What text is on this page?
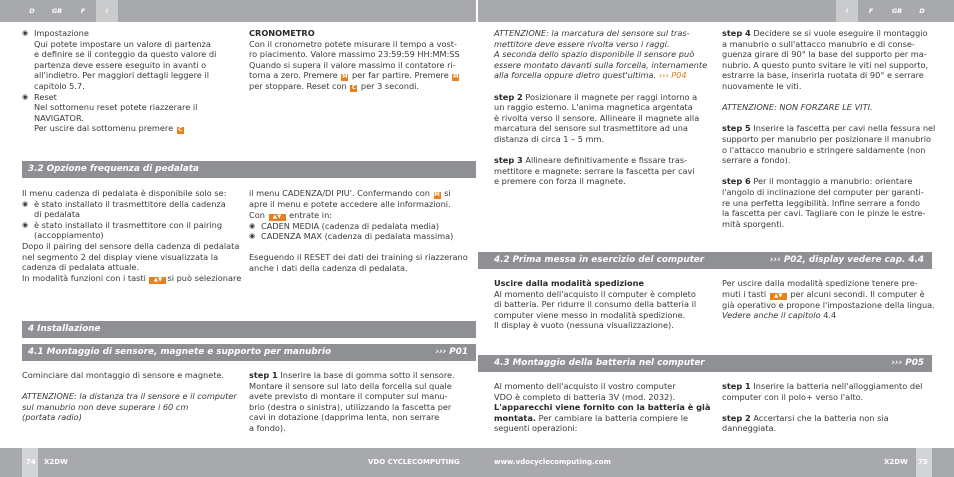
D	GB	F	I	I	F	GB	D
◉ Impostazione

Qui potete impostare un valore di partenza

e definire se il conteggio da questo valore di

partenza deve essere eseguito in avanti o

all'indietro. Per maggiori dettagli leggere il

capitolo 5.7.

◉ Reset

Nel sottomenu reset potete riazzerare il

NAVIGATOR.

Per uscire dal sottomenu premere C

CRONOMETRO

Con il cronometro potete misurare il tempo a vost-

ro piacimento. Valore massimo 23:59:59 HH:MM:SS

Quando si supera il valore massimo il contatore ri-

torna a zero. Premere M per far partire. Premere M

per stoppare. Reset con C per 3 secondi.

3.2 Opzione frequenza di pedalata

Il menu cadenza di pedalata è disponibile solo se:

◉ è stato installato il trasmettitore della cadenza

di pedalata

◉ è stato installato il trasmettitore con il pairing

(accoppiamento)

Dopo il pairing del sensore della cadenza di pedalata

nel segmento 2 del display viene visualizzata la

cadenza di pedalata attuale.

In modalità funzioni con i tasti ▲▼ si può selezionare

il menu CADENZA/DI PIU'. Confermando con M si

apre il menu e potete accedere alle informazioni.

Con ▲▼ entrate in:

◉ CADEN MEDIA (cadenza di pedalata media)
◉ CADENZA MAX (cadenza di pedalata massima)

Eseguendo il RESET dei dati dei training si riazzerano

anche i dati della cadenza di pedalata.

4 Installazione
4.1 Montaggio di sensore, magnete e supporto per manubrio	››› P01

Cominciare dal montaggio di sensore e magnete.

ATTENZIONE: la distanza tra il sensore e il computer

sul manubrio non deve superare i 60 cm

(portata radio)

step 1 Inserire la base di gomma sotto il sensore.

Montare il sensore sul lato della forcella sul quale

avete previsto di montare il computer sul manu-

brio (destra o sinistra), utilizzando la fascetta per

cavi in dotazione (dapprima lenta, non serrare

a fondo).

ATTENZIONE: la marcatura del sensore sul tras-

mettitore deve essere rivolta verso i raggi.

A seconda dello spazio disponibile il sensore può

essere montato davanti sulla forcella, internamente

alla forcella oppure dietro quest'ultima. ››› P04

step 2 Posizionare il magnete per raggi intorno a

un raggio esterno. L'anima magnetica argentata

è rivolta verso il sensore. Allineare il magnete alla

marcatura del sensore sul trasmettitore ad una

distanza di circa 1 – 5 mm.

step 3 Allineare definitivamente e fissare tras-

mettitore e magnete: serrare la fascetta per cavi

e premere con forza il magnete.

step 4 Decidere se si vuole eseguire il montaggio

a manubrio o sull'attacco manubrio e di conse-

guenza girare di 90° la base del supporto per ma-

nubrio. A questo punto svitare le viti nel supporto,

estrarre la base, inserirla ruotata di 90° e serrare

nuovamente le viti.

ATTENZIONE: NON FORZARE LE VITI.

step 5 Inserire la fascetta per cavi nella fessura nel

supporto per manubrio per posizionare il manubrio

o l'attacco manubrio e stringere saldamente (non

serrare a fondo).

step 6 Per il montaggio a manubrio: orientare

l'angolo di inclinazione del computer per garanti-

re una perfetta leggibilità. Infine serrare a fondo

la fascetta per cavi. Tagliare con le pinze le estre-

mità sporgenti.

4.2 Prima messa in esercizio del computer	››› P02, display vedere cap. 4.4

Uscire dalla modalità spedizione

Al momento dell'acquisto il computer è completo

di batteria. Per ridurre il consumo della batteria il

computer viene messo in modalità spedizione.

Il display è vuoto (nessuna visualizzazione).

Per uscire dalla modalità spedizione tenere pre-

muti i tasti ▲▼ per alcuni secondi. Il computer è

già operativo e propone l'impostazione della lingua.

Vedere anche il capitolo 4.4

4.3 Montaggio della batteria nel computer	››› P05

Al momento dell'acquisto il vostro computer

VDO è completo di batteria 3V (mod. 2032).

L'apparecchi viene fornito con la batteria è già

montata. Per cambiare la batteria compiere le

seguenti operazioni:

step 1 Inserire la batteria nell'alloggiamento del

computer con il polo+ verso l'alto.

step 2 Accertarsi che la batteria non sia danneggiata.

74 X2DW	VDO CYCLECOMPUTING	www.vdocyclecomputing.com	X2DW 75
